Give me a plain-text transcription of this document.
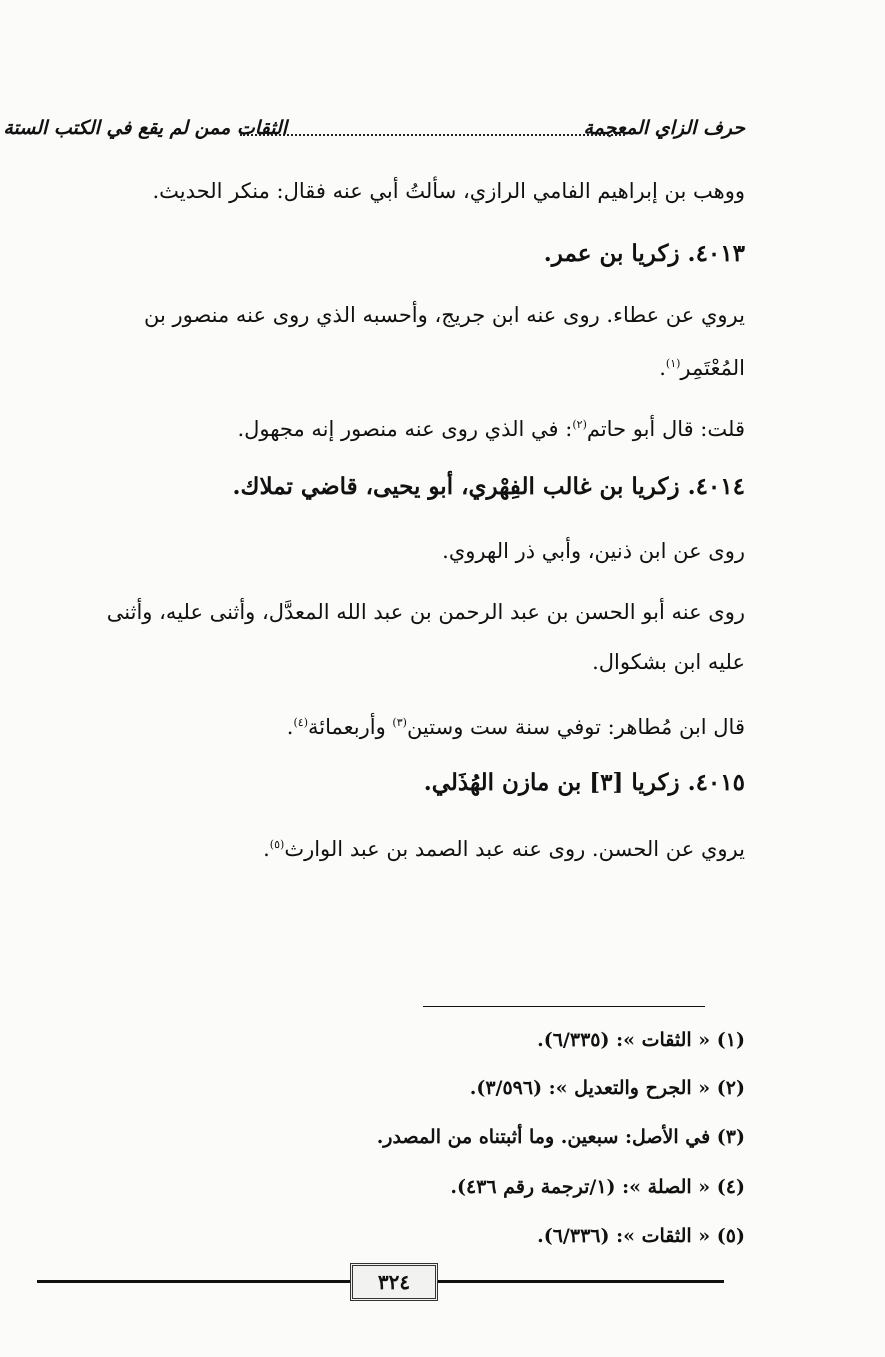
حرف الزاي المعجمة
الثقات ممن لم يقع في الكتب الستة
ووهب بن إبراهيم الفامي الرازي، سألتُ أبي عنه فقال: منكر الحديث.
٤٠١٣. زكريا بن عمر.
يروي عن عطاء. روى عنه ابن جريج، وأحسبه الذي روى عنه منصور بن
المُعْتَمِر$^{(١)}$.
قلت: قال أبو حاتم$^{(٢)}$: في الذي روى عنه منصور إنه مجهول.
٤٠١٤. زكريا بن غالب الفِهْري، أبو يحيى، قاضي تملاك.
روى عن ابن ذنين، وأبي ذر الهروي.
روى عنه أبو الحسن بن عبد الرحمن بن عبد الله المعدَّل، وأثنى عليه، وأثنى
عليه ابن بشكوال.
قال ابن مُطاهر: توفي سنة ست وستين$^{(٣)}$ وأربعمائة$^{(٤)}$.
٤٠١٥. زكريا [٣] بن مازن الهُذَلي.
يروي عن الحسن. روى عنه عبد الصمد بن عبد الوارث$^{(٥)}$.
(١) « الثقات »: (٦/٣٣٥).
(٢) « الجرح والتعديل »: (٣/٥٩٦).
(٣) في الأصل: سبعين. وما أثبتناه من المصدر.
(٤) « الصلة »: (١/ترجمة رقم ٤٣٦).
(٥) « الثقات »: (٦/٣٣٦).
٣٢٤
